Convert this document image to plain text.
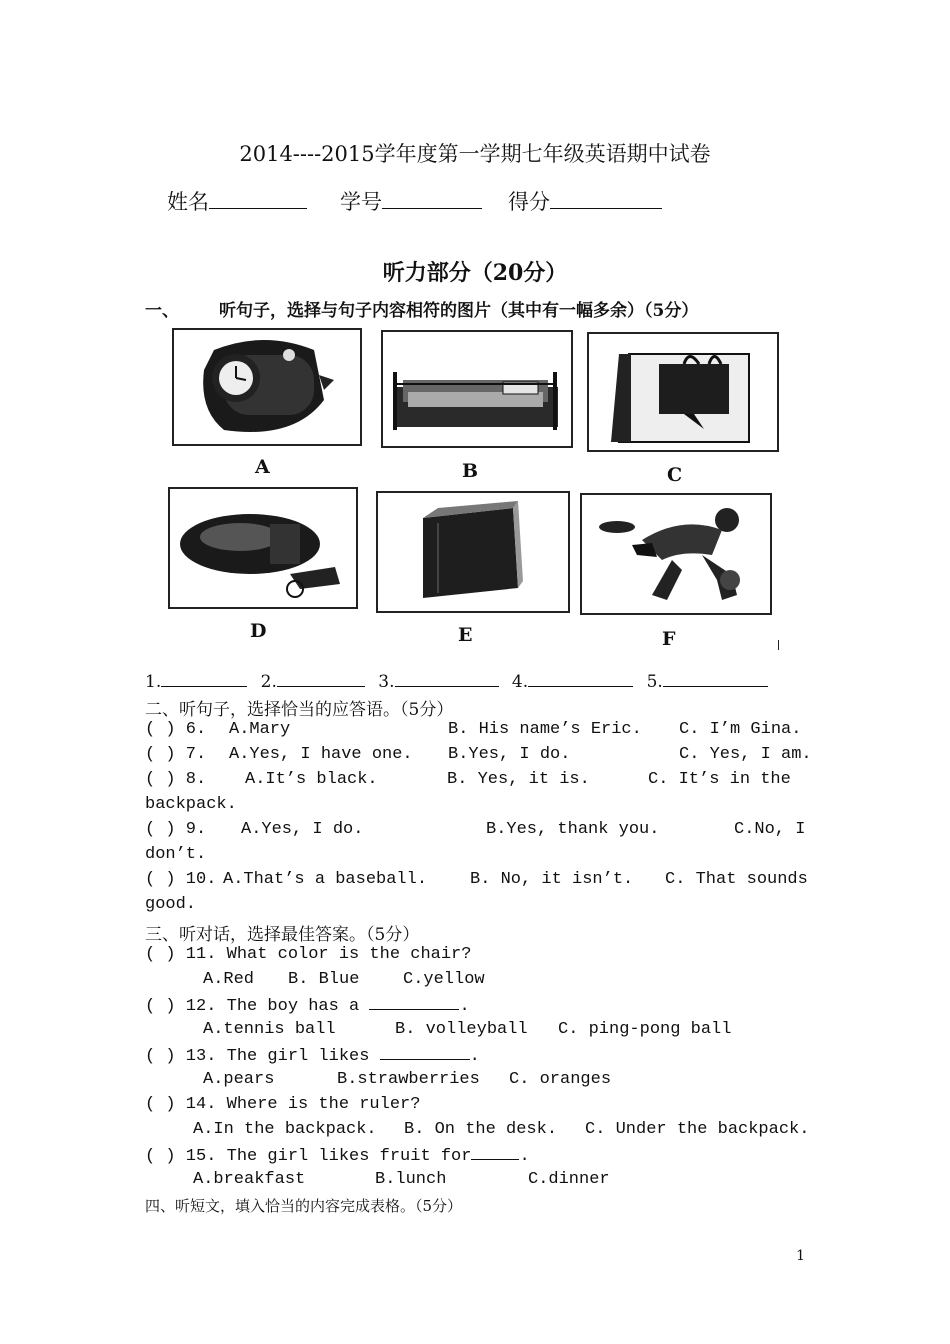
2014----2015学年度第一学期七年级英语期中试卷
姓名	学号	得分
听力部分（20分）
一、 听句子，选择与句子内容相符的图片（其中有一幅多余）（5分）
A	B	C
D	E	F
1.	2.	3.	4.	5.
二、听句子，选择恰当的应答语。（5分）
( ) 6. A.Mary	B. His name’s Eric. C. I’m Gina.
( ) 7. A.Yes, I have one. B.Yes, I do.	C. Yes, I am.
( ) 8. A.It’s black.	B. Yes, it is.	C. It’s in the
backpack.
( ) 9. A.Yes, I do.	B.Yes, thank you.	C.No, I
don’t.
( ) 10. A.That’s a baseball.	B. No, it isn’t. C. That sounds
good.
三、听对话，选择最佳答案。（5分）
( ) 11. What color is the chair?
A.Red B. Blue	C.yellow
( ) 12. The boy has a	.
A.tennis ball	B. volleyball C. ping-pong ball
( ) 13. The girl likes	.
A.pears	B.strawberries C. oranges
( ) 14. Where is the ruler?
A.In the backpack. B. On the desk. C. Under the backpack.
( ) 15. The girl likes fruit for	.
A.breakfast	B.lunch	C.dinner
四、听短文，填入恰当的内容完成表格。（5分）
1
